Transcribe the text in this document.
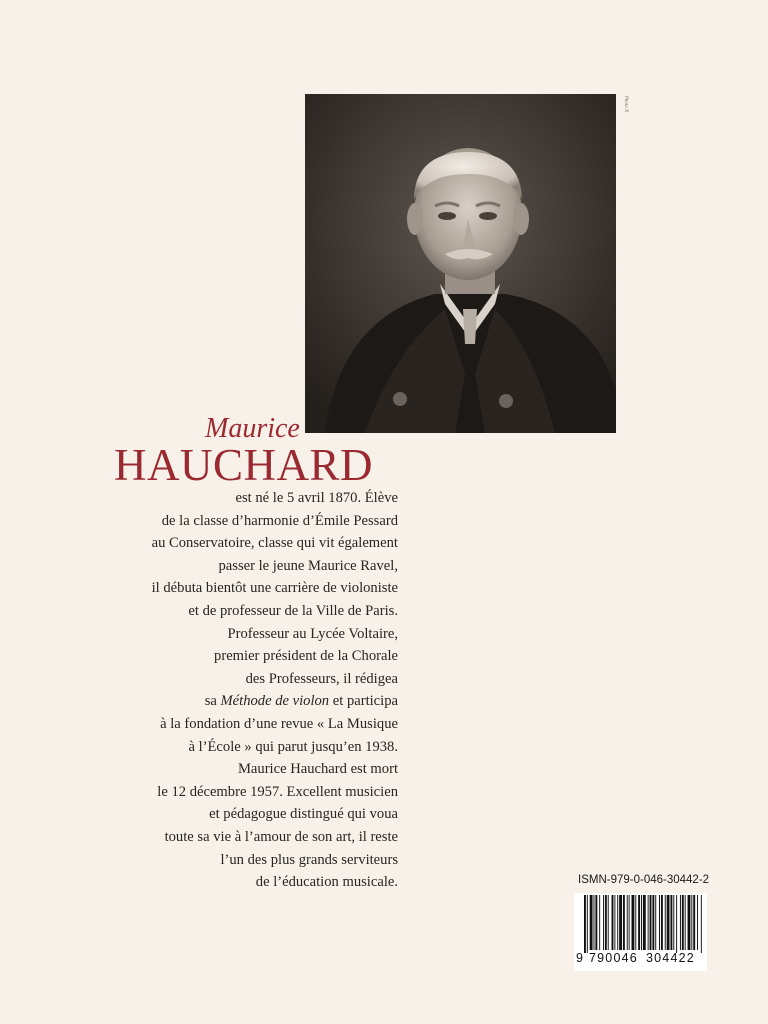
Photo X
Maurice
HAUCHARD
est né le 5 avril 1870. Élève
de la classe d’harmonie d’Émile Pessard
au Conservatoire, classe qui vit également
passer le jeune Maurice Ravel,
il débuta bientôt une carrière de violoniste
et de professeur de la Ville de Paris.
Professeur au Lycée Voltaire,
premier président de la Chorale
des Professeurs, il rédigea
sa Méthode de violon et participa
à la fondation d’une revue « La Musique
à l’École » qui parut jusqu’en 1938.
Maurice Hauchard est mort
le 12 décembre 1957. Excellent musicien
et pédagogue distingué qui voua
toute sa vie à l’amour de son art, il reste
l’un des plus grands serviteurs
de l’éducation musicale.	ISMN-979-0-046-30442-2
9 790046 304422
